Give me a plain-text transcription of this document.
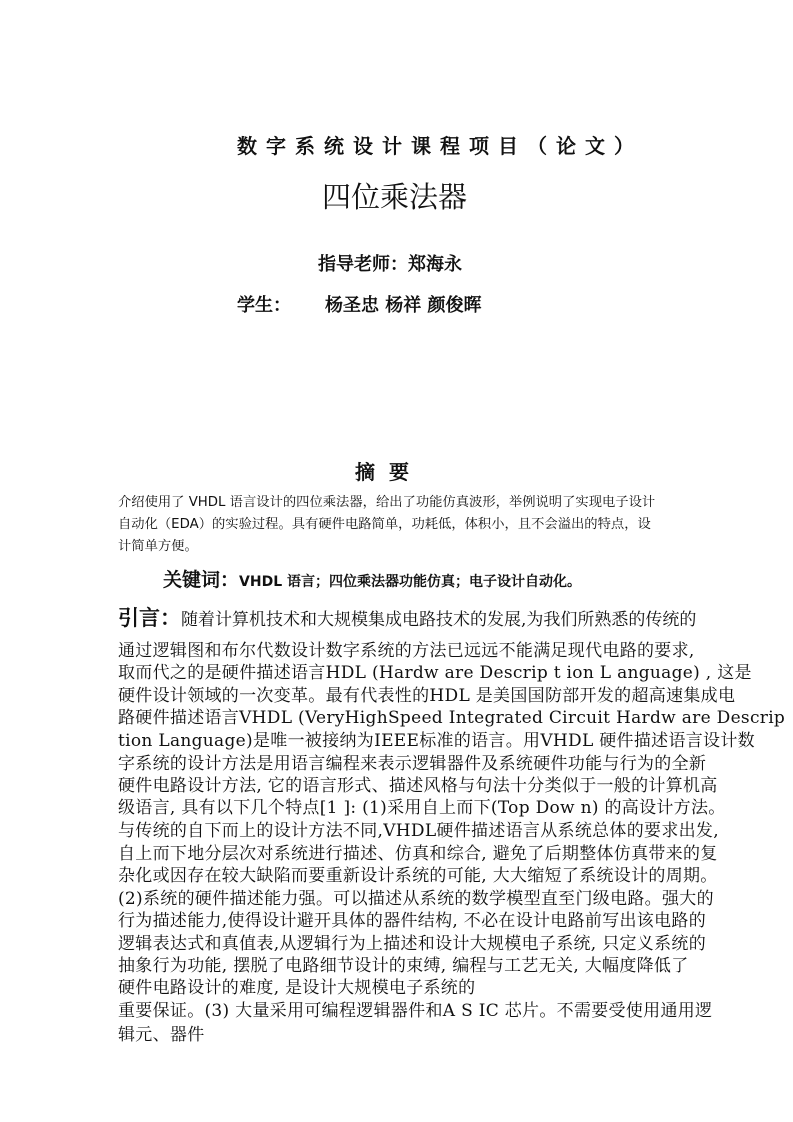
数字系统设计课程项目（论文）
四位乘法器
指导老师：郑海永
学生： 杨圣忠 杨祥 颜俊晖
摘要
介绍使用了 VHDL 语言设计的四位乘法器，给出了功能仿真波形，举例说明了实现电子设计
自动化（EDA）的实验过程。具有硬件电路简单，功耗低，体积小，且不会溢出的特点，设
计简单方便。
关键词：VHDL 语言；四位乘法器功能仿真；电子设计自动化。
引言：随着计算机技术和大规模集成电路技术的发展,为我们所熟悉的传统的
通过逻辑图和布尔代数设计数字系统的方法已远远不能满足现代电路的要求,
取而代之的是硬件描述语言HDL (Hardw are Descrip t ion L anguage) , 这是
硬件设计领域的一次变革。最有代表性的HDL 是美国国防部开发的超高速集成电
路硬件描述语言VHDL (VeryHighSpeed Integrated Circuit Hardw are Descrip
tion Language)是唯一被接纳为IEEE标准的语言。用VHDL 硬件描述语言设计数
字系统的设计方法是用语言编程来表示逻辑器件及系统硬件功能与行为的全新
硬件电路设计方法, 它的语言形式、描述风格与句法十分类似于一般的计算机高
级语言, 具有以下几个特点[1 ]: (1)采用自上而下(Top Dow n) 的高设计方法。
与传统的自下而上的设计方法不同,VHDL硬件描述语言从系统总体的要求出发,
自上而下地分层次对系统进行描述、仿真和综合, 避免了后期整体仿真带来的复
杂化或因存在较大缺陷而要重新设计系统的可能, 大大缩短了系统设计的周期。
(2)系统的硬件描述能力强。可以描述从系统的数学模型直至门级电路。强大的
行为描述能力,使得设计避开具体的器件结构, 不必在设计电路前写出该电路的
逻辑表达式和真值表,从逻辑行为上描述和设计大规模电子系统, 只定义系统的
抽象行为功能, 摆脱了电路细节设计的束缚, 编程与工艺无关, 大幅度降低了
硬件电路设计的难度, 是设计大规模电子系统的
重要保证。(3) 大量采用可编程逻辑器件和A S IC 芯片。不需要受使用通用逻
辑元、器件
